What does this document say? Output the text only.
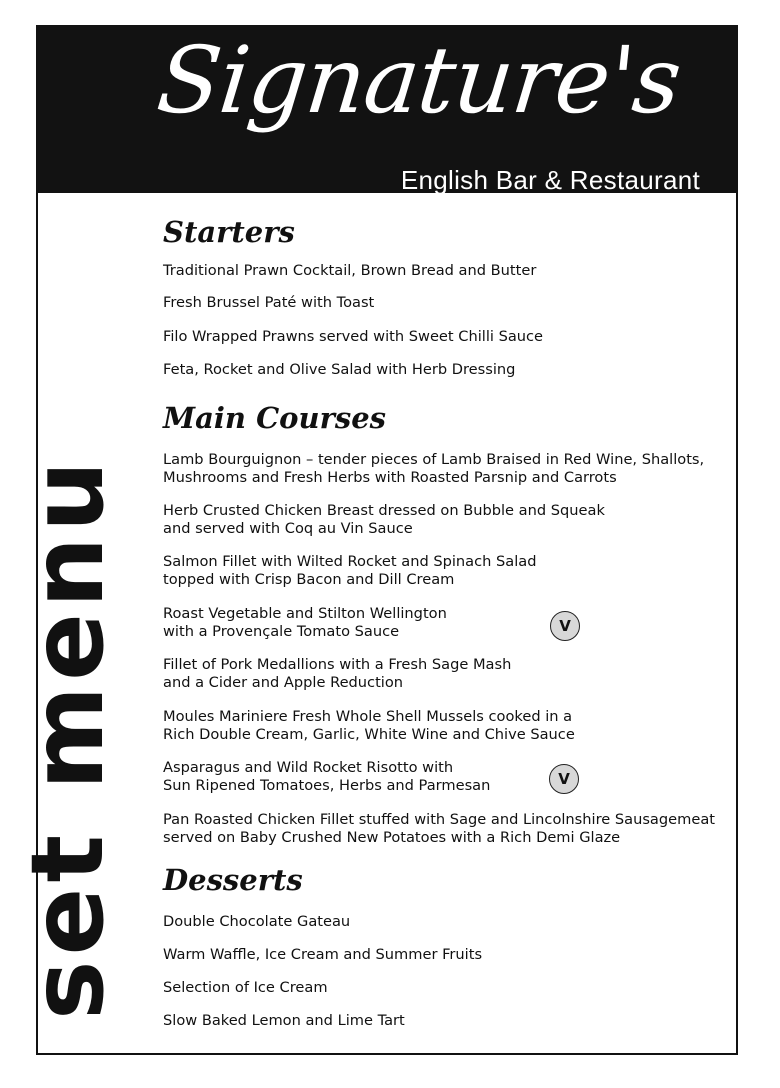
Signature's
English Bar & Restaurant
set menu
Starters

Traditional Prawn Cocktail, Brown Bread and Butter

Fresh Brussel Paté with Toast

Filo Wrapped Prawns served with Sweet Chilli Sauce

Feta, Rocket and Olive Salad with Herb Dressing

Main Courses

Lamb Bourguignon – tender pieces of Lamb Braised in Red Wine, Shallots,
Mushrooms and Fresh Herbs with Roasted Parsnip and Carrots

Herb Crusted Chicken Breast dressed on Bubble and Squeak
and served with Coq au Vin Sauce

Salmon Fillet with Wilted Rocket and Spinach Salad
topped with Crisp Bacon and Dill Cream

Roast Vegetable and Stilton Wellington
with a Provençale Tomato Sauce	V

Fillet of Pork Medallions with a Fresh Sage Mash
and a Cider and Apple Reduction

Moules Mariniere Fresh Whole Shell Mussels cooked in a
Rich Double Cream, Garlic, White Wine and Chive Sauce

Asparagus and Wild Rocket Risotto with
Sun Ripened Tomatoes, Herbs and Parmesan	V

Pan Roasted Chicken Fillet stuffed with Sage and Lincolnshire Sausagemeat
served on Baby Crushed New Potatoes with a Rich Demi Glaze

Desserts

Double Chocolate Gateau

Warm Waffle, Ice Cream and Summer Fruits

Selection of Ice Cream

Slow Baked Lemon and Lime Tart
